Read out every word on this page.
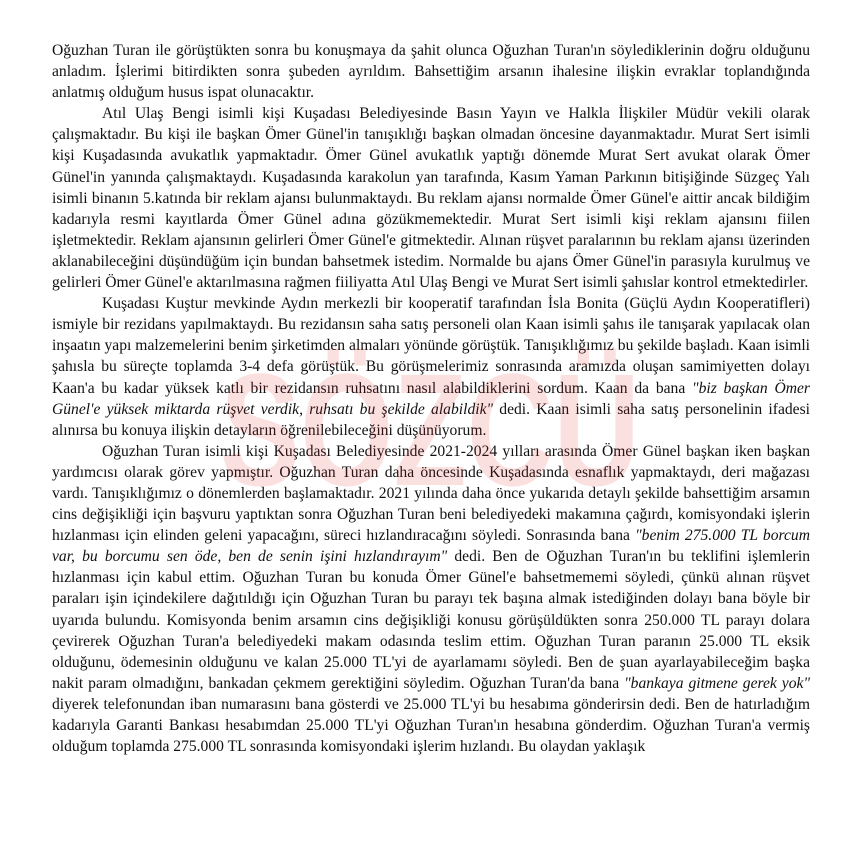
Oğuzhan Turan ile görüştükten sonra bu konuşmaya da şahit olunca Oğuzhan Turan'ın söylediklerinin doğru olduğunu anladım. İşlerimi bitirdikten sonra şubeden ayrıldım. Bahsettiğim arsanın ihalesine ilişkin evraklar toplandığında anlatmış olduğum husus ispat olunacaktır.

Atıl Ulaş Bengi isimli kişi Kuşadası Belediyesinde Basın Yayın ve Halkla İlişkiler Müdür vekili olarak çalışmaktadır. Bu kişi ile başkan Ömer Günel'in tanışıklığı başkan olmadan öncesine dayanmaktadır. Murat Sert isimli kişi Kuşadasında avukatlık yapmaktadır. Ömer Günel avukatlık yaptığı dönemde Murat Sert avukat olarak Ömer Günel'in yanında çalışmaktaydı. Kuşadasında karakolun yan tarafında, Kasım Yaman Parkının bitişiğinde Süzgeç Yalı isimli binanın 5.katında bir reklam ajansı bulunmaktaydı. Bu reklam ajansı normalde Ömer Günel'e aittir ancak bildiğim kadarıyla resmi kayıtlarda Ömer Günel adına gözükmemektedir. Murat Sert isimli kişi reklam ajansını fiilen işletmektedir. Reklam ajansının gelirleri Ömer Günel'e gitmektedir. Alınan rüşvet paralarının bu reklam ajansı üzerinden aklanabileceğini düşündüğüm için bundan bahsetmek istedim. Normalde bu ajans Ömer Günel'in parasıyla kurulmuş ve gelirleri Ömer Günel'e aktarılmasına rağmen fiiliyatta Atıl Ulaş Bengi ve Murat Sert isimli şahıslar kontrol etmektedirler.

Kuşadası Kuştur mevkinde Aydın merkezli bir kooperatif tarafından İsla Bonita (Güçlü Aydın Kooperatifleri) ismiyle bir rezidans yapılmaktaydı. Bu rezidansın saha satış personeli olan Kaan isimli şahıs ile tanışarak yapılacak olan inşaatın yapı malzemelerini benim şirketimden almaları yönünde görüştük. Tanışıklığımız bu şekilde başladı. Kaan isimli şahısla bu süreçte toplamda 3-4 defa görüştük. Bu görüşmelerimiz sonrasında aramızda oluşan samimiyetten dolayı Kaan'a bu kadar yüksek katlı bir rezidansın ruhsatını nasıl alabildiklerini sordum. Kaan da bana "biz başkan Ömer Günel'e yüksek miktarda rüşvet verdik, ruhsatı bu şekilde alabildik" dedi. Kaan isimli saha satış personelinin ifadesi alınırsa bu konuya ilişkin detayların öğrenilebileceğini düşünüyorum.

Oğuzhan Turan isimli kişi Kuşadası Belediyesinde 2021-2024 yılları arasında Ömer Günel başkan iken başkan yardımcısı olarak görev yapmıştır. Oğuzhan Turan daha öncesinde Kuşadasında esnaflık yapmaktaydı, deri mağazası vardı. Tanışıklığımız o dönemlerden başlamaktadır. 2021 yılında daha önce yukarıda detaylı şekilde bahsettiğim arsamın cins değişikliği için başvuru yaptıktan sonra Oğuzhan Turan beni belediyedeki makamına çağırdı, komisyondaki işlerin hızlanması için elinden geleni yapacağını, süreci hızlandıracağını söyledi. Sonrasında bana "benim 275.000 TL borcum var, bu borcumu sen öde, ben de senin işini hızlandırayım" dedi. Ben de Oğuzhan Turan'ın bu teklifini işlemlerin hızlanması için kabul ettim. Oğuzhan Turan bu konuda Ömer Günel'e bahsetmememi söyledi, çünkü alınan rüşvet paraları işin içindekilere dağıtıldığı için Oğuzhan Turan bu parayı tek başına almak istediğinden dolayı bana böyle bir uyarıda bulundu. Komisyonda benim arsamın cins değişikliği konusu görüşüldükten sonra 250.000 TL parayı dolara çevirerek Oğuzhan Turan'a belediyedeki makam odasında teslim ettim. Oğuzhan Turan paranın 25.000 TL eksik olduğunu, ödemesinin olduğunu ve kalan 25.000 TL'yi de ayarlamamı söyledi. Ben de şuan ayarlayabileceğim başka nakit param olmadığını, bankadan çekmem gerektiğini söyledim. Oğuzhan Turan'da bana "bankaya gitmene gerek yok" diyerek telefonundan iban numarasını bana gösterdi ve 25.000 TL'yi bu hesabıma gönderirsin dedi. Ben de hatırladığım kadarıyla Garanti Bankası hesabımdan 25.000 TL'yi Oğuzhan Turan'ın hesabına gönderdim. Oğuzhan Turan'a vermiş olduğum toplamda 275.000 TL sonrasında komisyondaki işlerim hızlandı. Bu olaydan yaklaşık

SÖZCÜ
